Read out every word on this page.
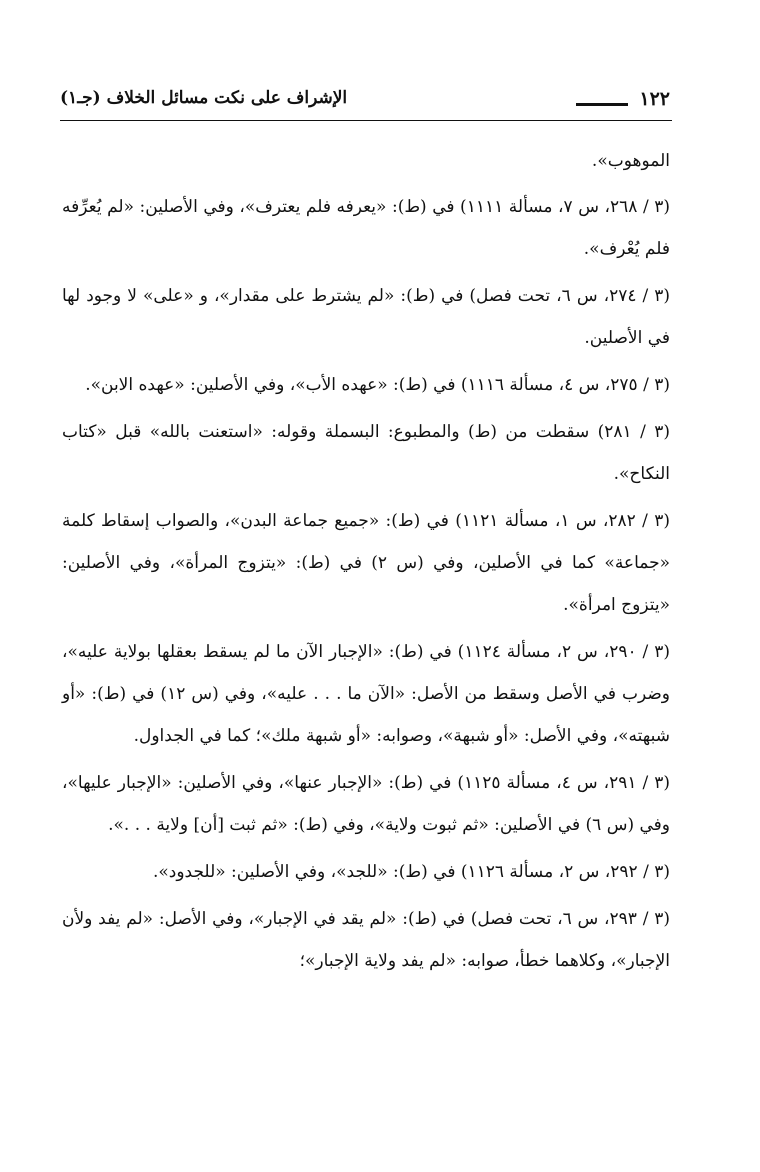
١٢٢
الإشراف على نكت مسائل الخلاف (جـ١)

الموهوب».

(٣ / ٢٦٨، س ٧، مسألة ١١١١) في (ط): «يعرفه فلم يعترف»، وفي الأصلين: «لم يُعرِّفه فلم يُعْرف».

(٣ / ٢٧٤، س ٦، تحت فصل) في (ط): «لم يشترط على مقدار»، و «على» لا وجود لها في الأصلين.

(٣ / ٢٧٥، س ٤، مسألة ١١١٦) في (ط): «عهده الأب»، وفي الأصلين: «عهده الابن».

(٣ / ٢٨١) سقطت من (ط) والمطبوع: البسملة وقوله: «استعنت بالله» قبل «كتاب النكاح».

(٣ / ٢٨٢، س ١، مسألة ١١٢١) في (ط): «جميع جماعة البدن»، والصواب إسقاط كلمة «جماعة» كما في الأصلين، وفي (س ٢) في (ط): «يتزوج المرأة»، وفي الأصلين: «يتزوج امرأة».

(٣ / ٢٩٠، س ٢، مسألة ١١٢٤) في (ط): «الإجبار الآن ما لم يسقط بعقلها بولاية عليه»، وضرب في الأصل وسقط من الأصل: «الآن ما . . . عليه»، وفي (س ١٢) في (ط): «أو شبهته»، وفي الأصل: «أو شبهة»، وصوابه: «أو شبهة ملك»؛ كما في الجداول.

(٣ / ٢٩١، س ٤، مسألة ١١٢٥) في (ط): «الإجبار عنها»، وفي الأصلين: «الإجبار عليها»، وفي (س ٦) في الأصلين: «ثم ثبوت ولاية»، وفي (ط): «ثم ثبت [أن] ولاية . . .».

(٣ / ٢٩٢، س ٢، مسألة ١١٢٦) في (ط): «للجد»، وفي الأصلين: «للجدود».

(٣ / ٢٩٣، س ٦، تحت فصل) في (ط): «لم يقد في الإجبار»، وفي الأصل: «لم يفد ولأن الإجبار»، وكلاهما خطأ، صوابه: «لم يفد ولاية الإجبار»؛
